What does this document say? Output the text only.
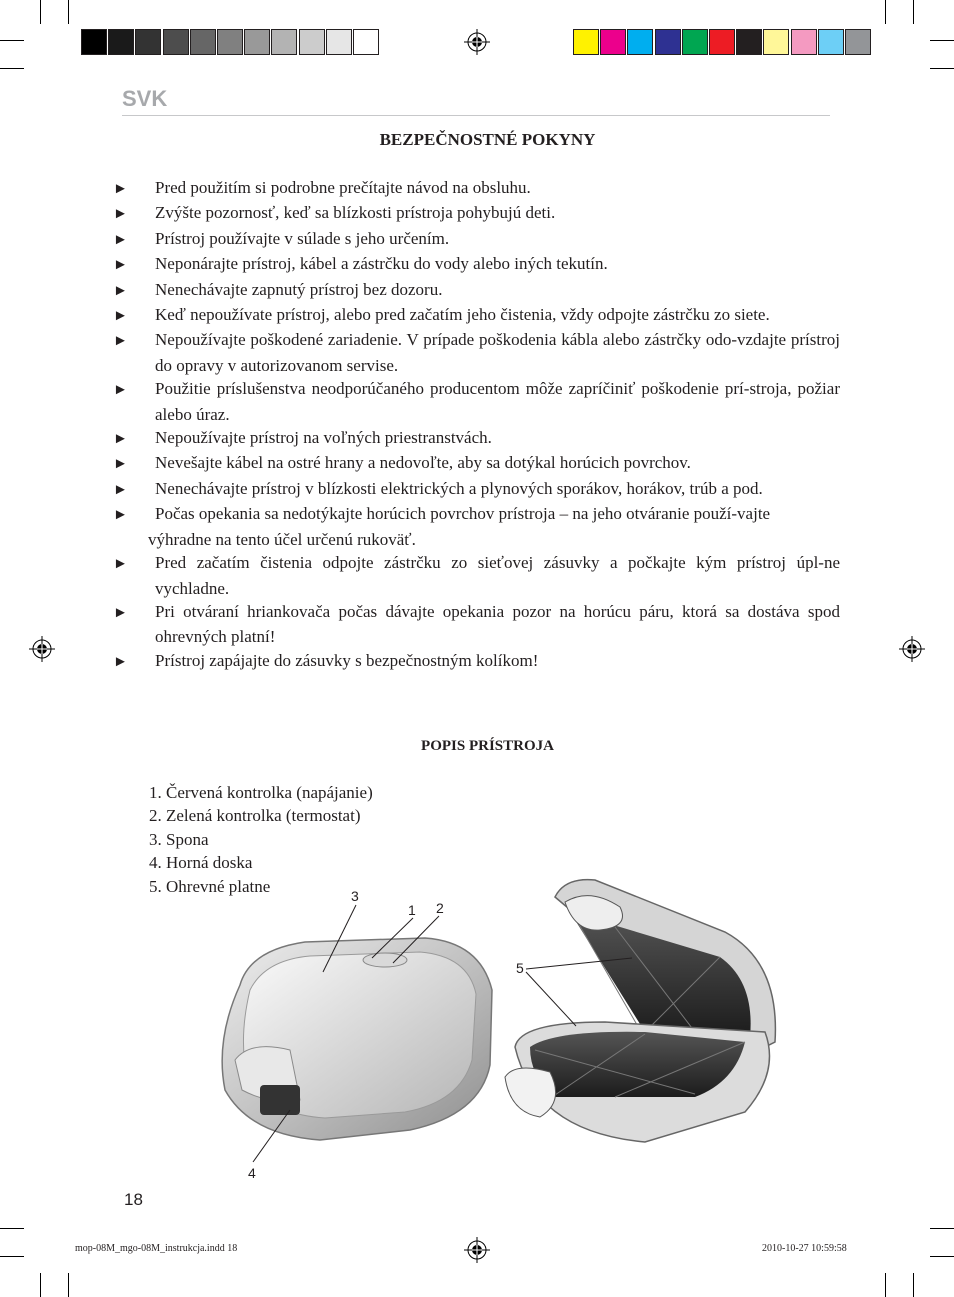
SVK
BEZPEČNOSTNÉ POKYNY
► Pred použitím si podrobne prečítajte návod na obsluhu.
► Zvýšte pozornosť, keď sa blízkosti prístroja pohybujú deti.
► Prístroj používajte v súlade s jeho určením.
► Neponárajte prístroj, kábel a zástrčku do vody alebo iných tekutín.
► Nenechávajte zapnutý prístroj bez dozoru.
► Keď nepoužívate prístroj, alebo pred začatím jeho čistenia, vždy odpojte zástrčku zo siete.
► Nepoužívajte poškodené zariadenie. V prípade poškodenia kábla alebo zástrčky odo-vzdajte prístroj do opravy v autorizovanom servise.
► Použitie príslušenstva neodporúčaného producentom môže zapríčiniť poškodenie prí-stroja, požiar alebo úraz.
► Nepoužívajte prístroj na voľných priestranstvách.
► Nevešajte kábel na ostré hrany a nedovoľte, aby sa dotýkal horúcich povrchov.
► Nenechávajte prístroj v blízkosti elektrických a plynových sporákov, horákov, trúb a pod.
► Počas opekania sa nedotýkajte horúcich povrchov prístroja – na jeho otváranie použí-vajte
výhradne na tento účel určenú rukoväť.
► Pred začatím čistenia odpojte zástrčku zo sieťovej zásuvky a počkajte kým prístroj úpl-ne vychladne.
► Pri otváraní hriankovača počas dávajte opekania pozor na horúcu páru, ktorá sa dostáva spod ohrevných platní!
► Prístroj zapájajte do zásuvky s bezpečnostným kolíkom!
POPIS PRÍSTROJA
1. Červená kontrolka (napájanie)
2. Zelená kontrolka (termostat)
3. Spona
4. Horná doska
5. Ohrevné platne
3
1 2
4
5
18
mop-08M_mgo-08M_instrukcja.indd 18	2010-10-27 10:59:58
